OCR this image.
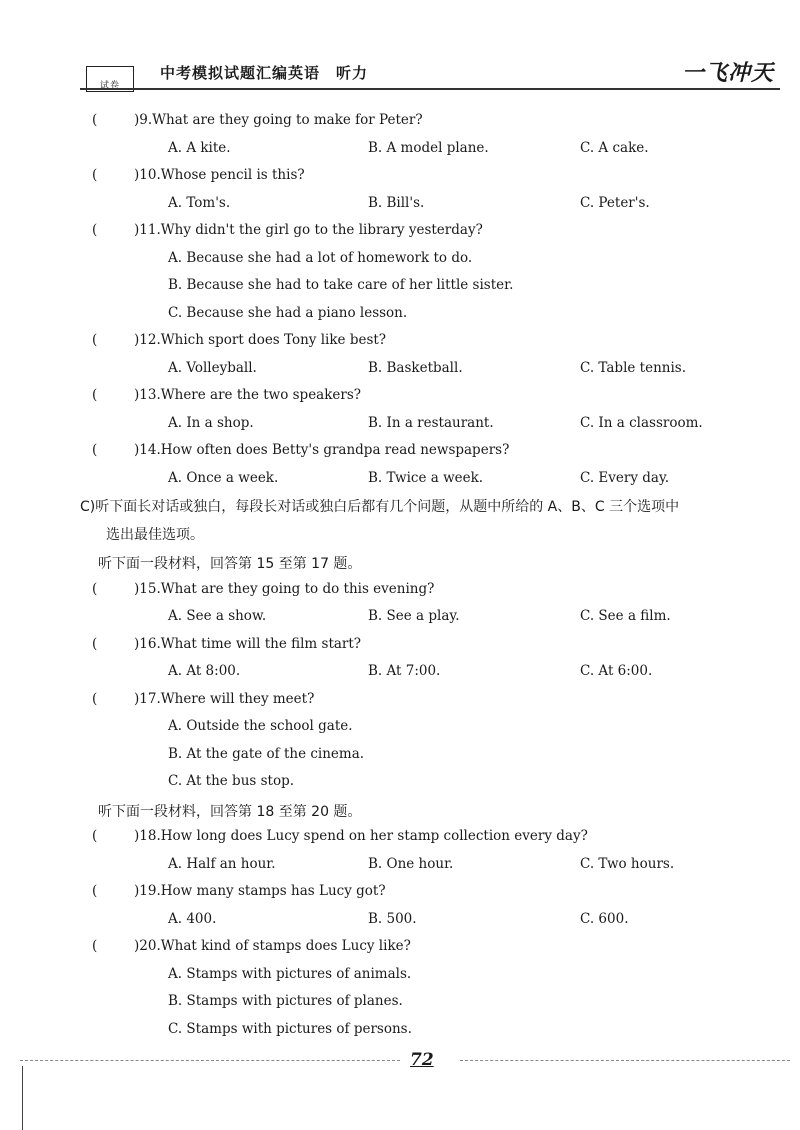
试卷
中考模拟试题汇编英语　听力	一飞冲天
(	)9.What are they going to make for Peter?
A. A kite.	B. A model plane.	C. A cake.
(	)10.Whose pencil is this?
A. Tom's.	B. Bill's.	C. Peter's.
(	)11.Why didn't the girl go to the library yesterday?
A. Because she had a lot of homework to do.
B. Because she had to take care of her little sister.
C. Because she had a piano lesson.
(	)12.Which sport does Tony like best?
A. Volleyball.	B. Basketball.	C. Table tennis.
(	)13.Where are the two speakers?
A. In a shop.	B. In a restaurant.	C. In a classroom.
(	)14.How often does Betty's grandpa read newspapers?
A. Once a week.	B. Twice a week.	C. Every day.
C)听下面长对话或独白，每段长对话或独白后都有几个问题，从题中所给的 A、B、C 三个选项中
选出最佳选项。
听下面一段材料，回答第 15 至第 17 题。
(	)15.What are they going to do this evening?
A. See a show.	B. See a play.	C. See a film.
(	)16.What time will the film start?
A. At 8:00.	B. At 7:00.	C. At 6:00.
(	)17.Where will they meet?
A. Outside the school gate.
B. At the gate of the cinema.
C. At the bus stop.
听下面一段材料，回答第 18 至第 20 题。
(	)18.How long does Lucy spend on her stamp collection every day?
A. Half an hour.	B. One hour.	C. Two hours.
(	)19.How many stamps has Lucy got?
A. 400.	B. 500.	C. 600.
(	)20.What kind of stamps does Lucy like?
A. Stamps with pictures of animals.
B. Stamps with pictures of planes.
C. Stamps with pictures of persons.
72
